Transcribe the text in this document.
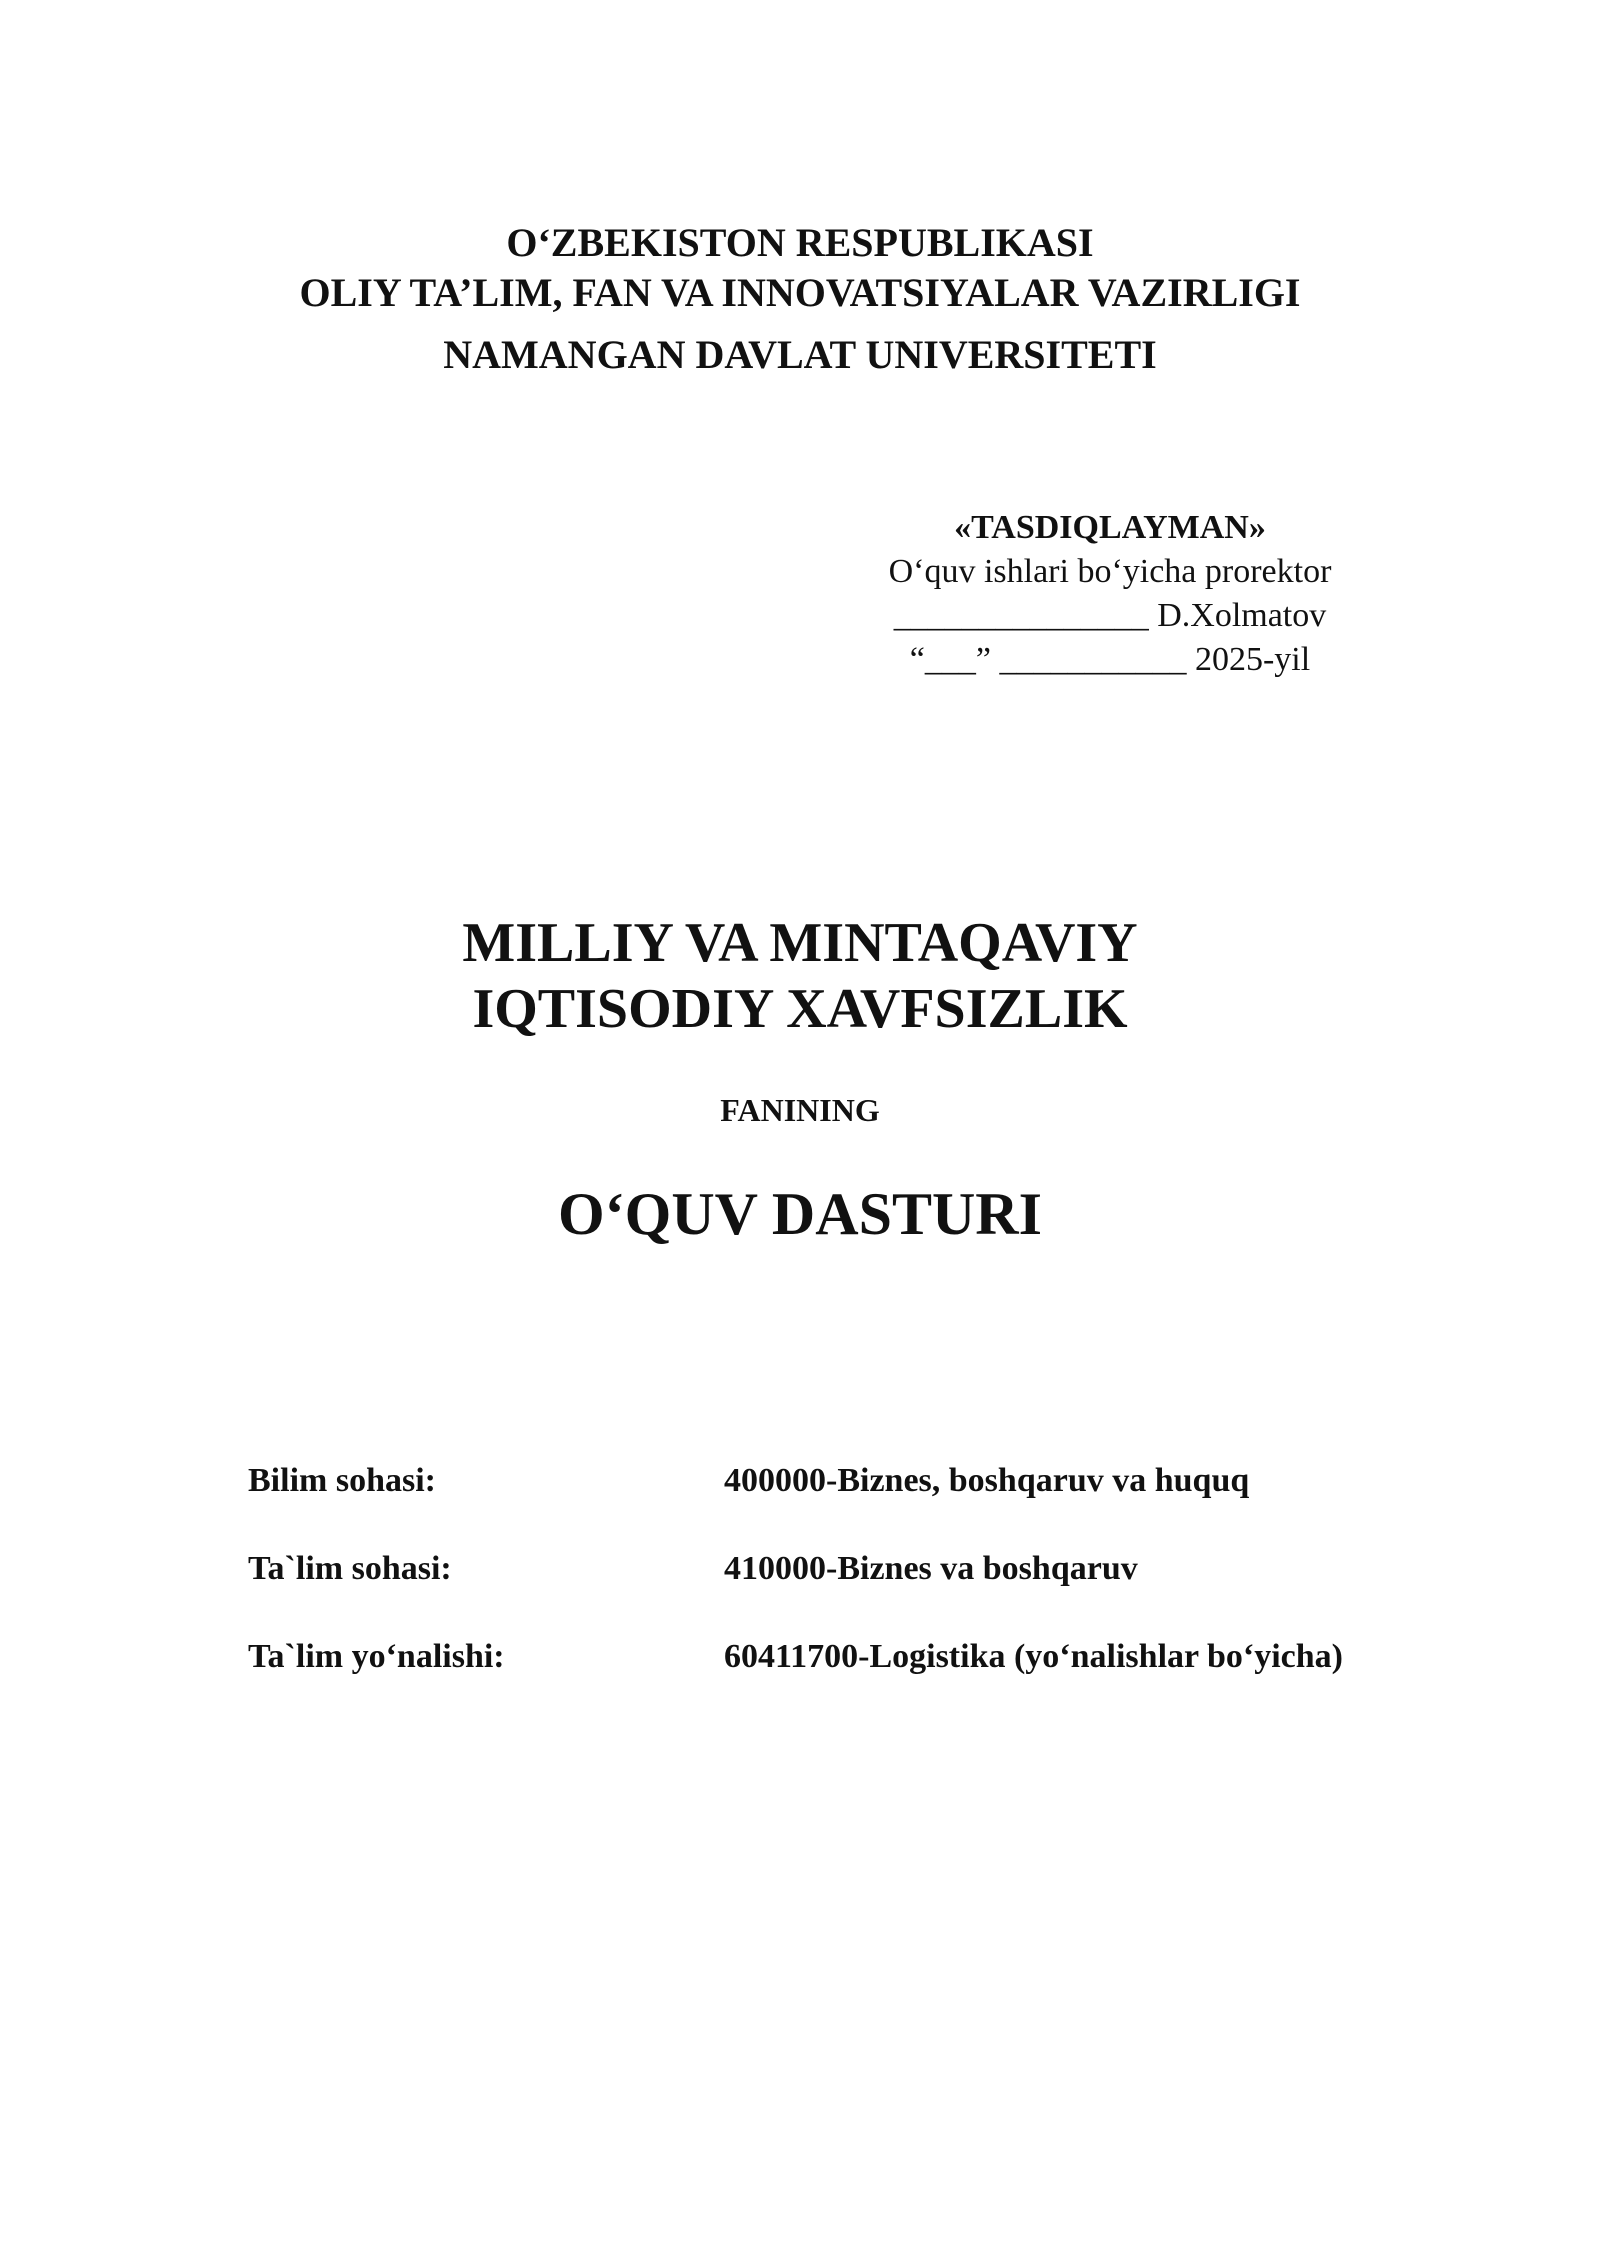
O‘ZBEKISTON RESPUBLIKASI
OLIY TA’LIM, FAN VA INNOVATSIYALAR VAZIRLIGI
NAMANGAN DAVLAT UNIVERSITETI
«TASDIQLAYMAN»
O‘quv ishlari bo‘yicha prorektor
_______________ D.Xolmatov
“___” ___________ 2025-yil
MILLIY VA MINTAQAVIY
IQTISODIY XAVFSIZLIK
FANINING
O‘QUV DASTURI
Bilim sohasi:	400000-Biznes, boshqaruv va huquq
Ta`lim sohasi:	410000-Biznes va boshqaruv
Ta`lim yo‘nalishi:	60411700-Logistika (yo‘nalishlar bo‘yicha)
